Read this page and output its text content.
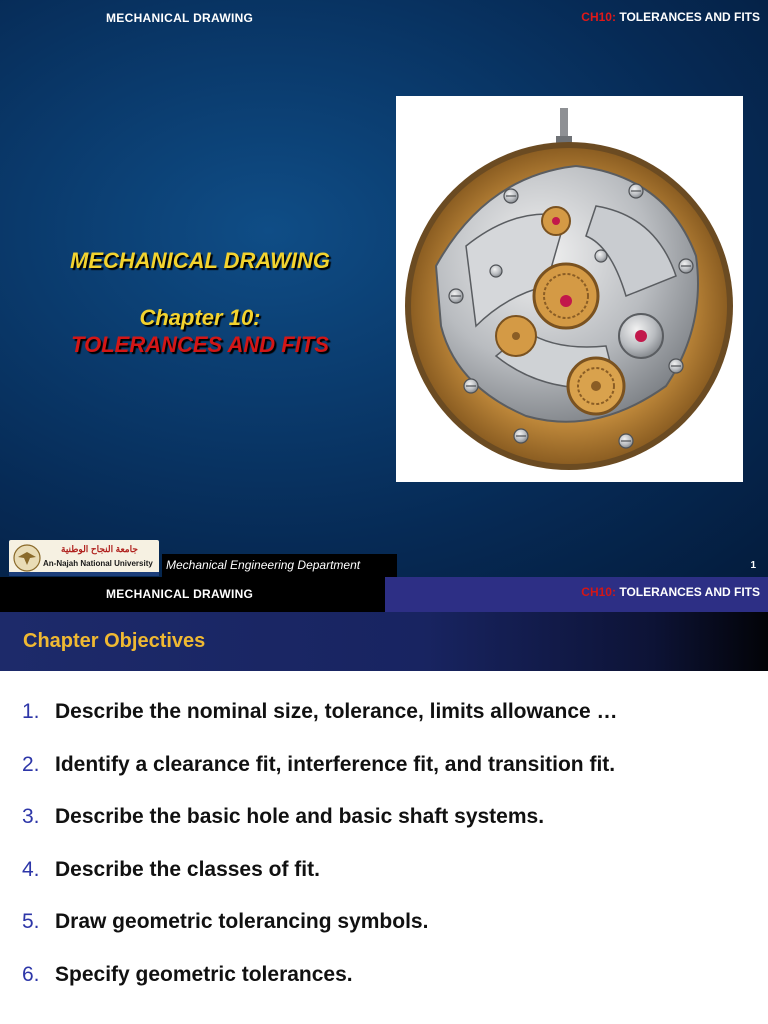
MECHANICAL DRAWING	CH10: TOLERANCES AND FITS
MECHANICAL DRAWING
Chapter 10:
TOLERANCES AND FITS
جامعة النجاح الوطنية
An-Najah National University Mechanical Engineering Department	1
MECHANICAL DRAWING	CH10: TOLERANCES AND FITS
Chapter Objectives
1. Describe the nominal size, tolerance, limits allowance …
2. Identify a clearance fit, interference fit, and transition fit.
3. Describe the basic hole and basic shaft systems.
4. Describe the classes of fit.
5. Draw geometric tolerancing symbols.
6. Specify geometric tolerances.
